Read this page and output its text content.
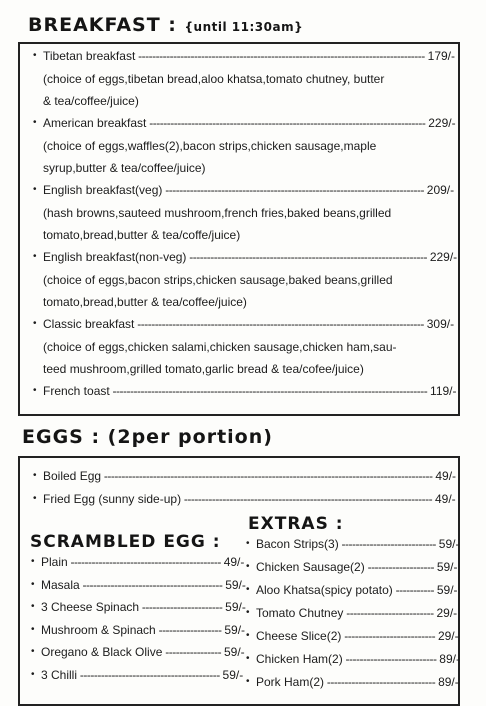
BREAKFAST : {until 11:30am}
EGGS : (2per portion)
SCRAMBLED EGG :
EXTRAS :
• Tibetan breakfast ---------------------------------------------------------------------------------- 179/-
(choice of eggs,tibetan bread,aloo khatsa,tomato chutney, butter
& tea/coffee/juice)
• American breakfast ------------------------------------------------------------------------------- 229/-
(choice of eggs,waffles(2),bacon strips,chicken sausage,maple
syrup,butter & tea/coffee/juice)
• English breakfast(veg) -------------------------------------------------------------------------- 209/-
(hash browns,sauteed mushroom,french fries,baked beans,grilled
tomato,bread,butter & tea/coffe/juice)
• English breakfast(non-veg) -------------------------------------------------------------------- 229/-
(choice of eggs,bacon strips,chicken sausage,baked beans,grilled
tomato,bread,butter & tea/coffee/juice)
• Classic breakfast ---------------------------------------------------------------------------------- 309/-
(choice of eggs,chicken salami,chicken sausage,chicken ham,sau-
teed mushroom,grilled tomato,garlic bread & tea/cofee/juice)
• French toast ------------------------------------------------------------------------------------------ 119/-
• Boiled Egg ---------------------------------------------------------------------------------------------- 49/-
• Fried Egg (sunny side-up) ----------------------------------------------------------------------- 49/-
• Plain ------------------------------------------- 49/-
• Masala ---------------------------------------- 59/-
• 3 Cheese Spinach ----------------------- 59/-
• Mushroom & Spinach ------------------ 59/-
• Oregano & Black Olive ---------------- 59/-
• 3 Chilli ---------------------------------------- 59/-
• Bacon Strips(3) --------------------------- 59/-
• Chicken Sausage(2) ------------------- 59/-
• Aloo Khatsa(spicy potato) ----------- 59/-
• Tomato Chutney ------------------------- 29/-
• Cheese Slice(2) -------------------------- 29/-
• Chicken Ham(2) -------------------------- 89/-
• Pork Ham(2) ------------------------------- 89/-
